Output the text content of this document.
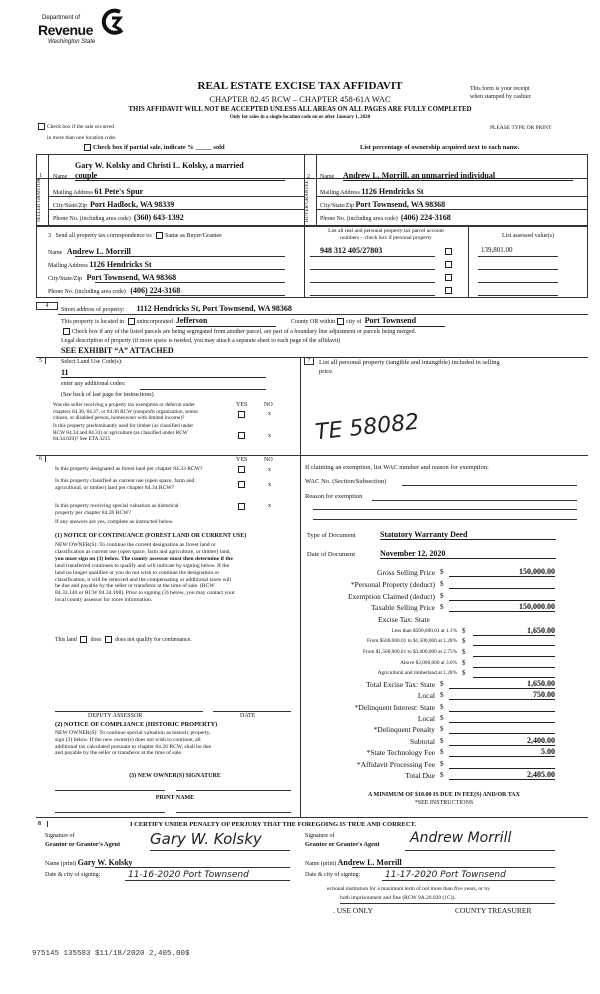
Department of
Revenue
Washington State
REAL ESTATE EXCISE TAX AFFIDAVIT
CHAPTER 82.45 RCW – CHAPTER 458-61A WAC
This form is your receipt
when stamped by cashier.
THIS AFFIDAVIT WILL NOT BE ACCEPTED UNLESS ALL AREAS ON ALL PAGES ARE FULLY COMPLETED
Only for sales in a single location code on or after January 1, 2020
Check box if the sale occurred
in more than one location code.
PLEASE TYPE OR PRINT
Check box if partial sale, indicate % _____ sold	List percentage of ownership acquired next to each name.
1 Name
Gary W. Kolsky and Christi L. Kolsky, a married
couple
SELLER GRANTOR	Mailing Address 61 Pete's Spur
City/State/Zip Port Hadlock, WA 98339
Phone No. (including area code) (360) 643-1392
2 Name Andrew L. Morrill, an unmarried individual
BUYER GRANTEE	Mailing Address 1126 Hendricks St
City/State/Zip Port Townsend, WA 98368
Phone No. (including area code) (406) 224-3168
3 Send all property tax correspondence to: Same as Buyer/Grantee
Name Andrew L. Morrill
Mailing Address 1126 Hendricks St
City/State/Zip Port Townsend, WA 98368
Phone No. (including area code) (406) 224-3168
List all real and personal property tax parcel account
numbers – check box if personal property	List assessed value(s)
948 312 405/27803	139,801.00
4
Street address of property: 1112 Hendricks St, Port Townsend, WA 98368
This property is located in unincorporated Jefferson	County OR within city of Port Townsend
Check box if any of the listed parcels are being segregated from another parcel, are part of a boundary line adjustment or parcels being merged.
Legal description of property (if more space is needed, you may attach a separate sheet to each page of the affidavit)
SEE EXHIBIT “A” ATTACHED
5	Select Land Use Code(s):
11
enter any additional codes:
(See back of last page for instructions)
YES	NO
Was the seller receiving a property tax exemption or deferral under
chapters 84.36, 84.37, or 84.38 RCW (nonprofit organization, senior
citizen, or disabled person, homeowner with limited income)?
x
Is this property predominantly used for timber (as classified under
RCW 84.34 and 84.33) or agriculture (as classified under RCW
84.34.020)? See ETA 3215	x
7	List all personal property (tangible and intangible) included in selling
price.
TE 58082
6	YES	NO
Is this property designated as forest land per chapter 84.33 RCW?	x
Is this property classified as current use (open space, farm and
agricultural, or timber) land per chapter 84.34 RCW?	x
Is this property receiving special valuation as historical
property per chapter 84.26 RCW?
x
If any answers are yes, complete as instructed below.
(1) NOTICE OF CONTINUANCE (FOREST LAND OR CURRENT USE)
NEW OWNER(S): To continue the current designation as forest land or
classification as current use (open space, farm and agriculture, or timber) land,
you must sign on (3) below. The county assessor must then determine if the
land transferred continues to qualify and will indicate by signing below. If the
land no longer qualifies or you do not wish to continue the designation or
classification, it will be removed and the compensating or additional taxes will
be due and payable by the seller or transferor at the time of sale. (RCW
84.33.140 or RCW 84.34.108). Prior to signing (3) below, you may contact your
local county assessor for more information.
This land does does not qualify for continuance.
DEPUTY ASSESSOR	DATE
(2) NOTICE OF COMPLIANCE (HISTORIC PROPERTY)
NEW OWNER(S): To continue special valuation as historic property,
sign (3) below. If the new owner(s) does not wish to continue, all
additional tax calculated pursuant to chapter 84.26 RCW, shall be due
and payable by the seller or transferor at the time of sale.
(3) NEW OWNER(S) SIGNATURE
PRINT NAME
If claiming an exemption, list WAC number and reason for exemption:
WAC No. (Section/Subsection)
Reason for exemption
Type of Document	Statutory Warranty Deed
Date of Document	November 12, 2020
Gross Selling Price $	150,000.00
*Personal Property (deduct) $
Exemption Claimed (deduct) $
Taxable Selling Price $	150,000.00
Excise Tax: State
Less than $500,000.01 at 1.1% $	1,650.00
From $500,000.01 to $1,500,000 at 1.28% $
From $1,500,000.01 to $3,000,000 at 2.75% $
Above $3,000,000 at 3.0% $
Agricultural and timberland at 1.28% $
Total Excise Tax: State $	1,650.00
Local $	750.00
*Delinquent Interest: State $
Local $
*Delinquent Penalty $
Subtotal $	2,400.00
*State Technology Fee $	5.00
*Affidavit Processing Fee $
Total Due $	2,405.00
A MINIMUM OF $10.00 IS DUE IN FEE(S) AND/OR TAX
*SEE INSTRUCTIONS
8	I CERTIFY UNDER PENALTY OF PERJURY THAT THE FOREGOING IS TRUE AND CORRECT.
Signature of
Grantor or Grantor's Agent Gary W. Kolsky
Name (print) Gary W. Kolsky
Date & city of signing:	11-16-2020 Port Townsend
Signature of
Grantee or Grantee's Agent Andrew Morrill
Name (print) Andrew L. Morrill
Date & city of signing:	11-17-2020 Port Townsend
ectional institution for a maximum term of not more than five years, or by
both imprisonment and fine (RCW 9A.20.020 (1C)).
. USE ONLY	COUNTY TREASURER
975145 135583 $11/18/2020 2,405.00$
